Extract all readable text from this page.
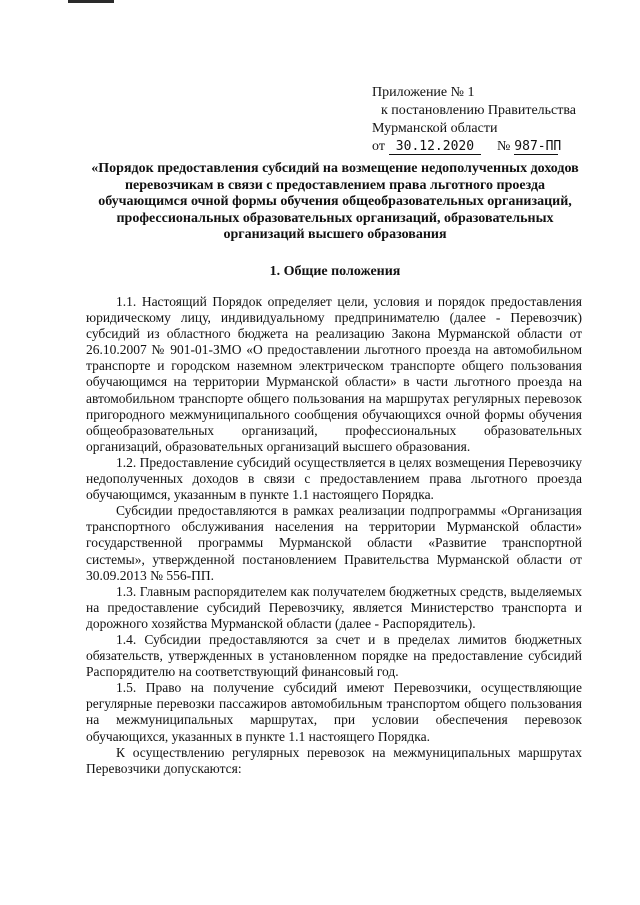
Приложение № 1
к постановлению Правительства
Мурманской области
от 30.12.2020 № 987-ПП
«Порядок предоставления субсидий на возмещение недополученных доходов перевозчикам в связи с предоставлением права льготного проезда обучающимся очной формы обучения общеобразовательных организаций, профессиональных образовательных организаций, образовательных организаций высшего образования
1. Общие положения

1.1. Настоящий Порядок определяет цели, условия и порядок предоставления юридическому лицу, индивидуальному предпринимателю (далее - Перевозчик) субсидий из областного бюджета на реализацию Закона Мурманской области от 26.10.2007 № 901-01-ЗМО «О предоставлении льготного проезда на автомобильном транспорте и городском наземном электрическом транспорте общего пользования обучающимся на территории Мурманской области» в части льготного проезда на автомобильном транспорте общего пользования на маршрутах регулярных перевозок пригородного межмуниципального сообщения обучающихся очной формы обучения общеобразовательных организаций, профессиональных образовательных организаций, образовательных организаций высшего образования.

1.2. Предоставление субсидий осуществляется в целях возмещения Перевозчику недополученных доходов в связи с предоставлением права льготного проезда обучающимся, указанным в пункте 1.1 настоящего Порядка.

Субсидии предоставляются в рамках реализации подпрограммы «Организация транспортного обслуживания населения на территории Мурманской области» государственной программы Мурманской области «Развитие транспортной системы», утвержденной постановлением Правительства Мурманской области от 30.09.2013 № 556-ПП.

1.3. Главным распорядителем как получателем бюджетных средств, выделяемых на предоставление субсидий Перевозчику, является Министерство транспорта и дорожного хозяйства Мурманской области (далее - Распорядитель).

1.4. Субсидии предоставляются за счет и в пределах лимитов бюджетных обязательств, утвержденных в установленном порядке на предоставление субсидий Распорядителю на соответствующий финансовый год.

1.5. Право на получение субсидий имеют Перевозчики, осуществляющие регулярные перевозки пассажиров автомобильным транспортом общего пользования на межмуниципальных маршрутах, при условии обеспечения перевозок обучающихся, указанных в пункте 1.1 настоящего Порядка.

К осуществлению регулярных перевозок на межмуниципальных маршрутах Перевозчики допускаются:
